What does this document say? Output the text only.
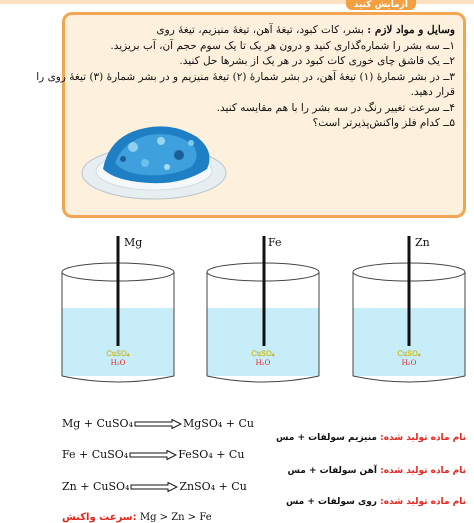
آزمایش کنید
وسایل و مواد لازم : بشر، کات کبود، تیغهٔ آهن، تیغهٔ منیزیم، تیغهٔ روی
۱ــ سه بشر را شماره‌گذاری کنید و درون هر یک تا یک سوم حجم آن، آب بریزید.
۲ــ یک قاشق چای خوری کات کبود در هر یک از بشرها حل کنید.
۳ــ در بشر شمارهٔ (۱) تیغهٔ آهن، در بشر شمارهٔ (۲) تیغهٔ منیزیم و در بشر شمارهٔ (۳) تیغهٔ روی را
قرار دهید.
۴ــ سرعت تغییر رنگ در سه بشر را با هم مقایسه کنید.
۵ــ کدام فلز واکنش‌پذیرتر است؟
CuSO₄
H₂O
CuSO₄
H₂O
CuSO₄
H₂O
Mg	Fe	Zn
Mg + CuSO₄	MgSO₄ + Cu
Fe + CuSO₄	FeSO₄ + Cu
Zn + CuSO₄	ZnSO₄ + Cu
نام ماده تولید شده: منیزیم سولفات + مس
نام ماده تولید شده: آهن سولفات + مس
نام ماده تولید شده: روی سولفات + مس
سرعت واکنش: Mg > Zn > Fe
